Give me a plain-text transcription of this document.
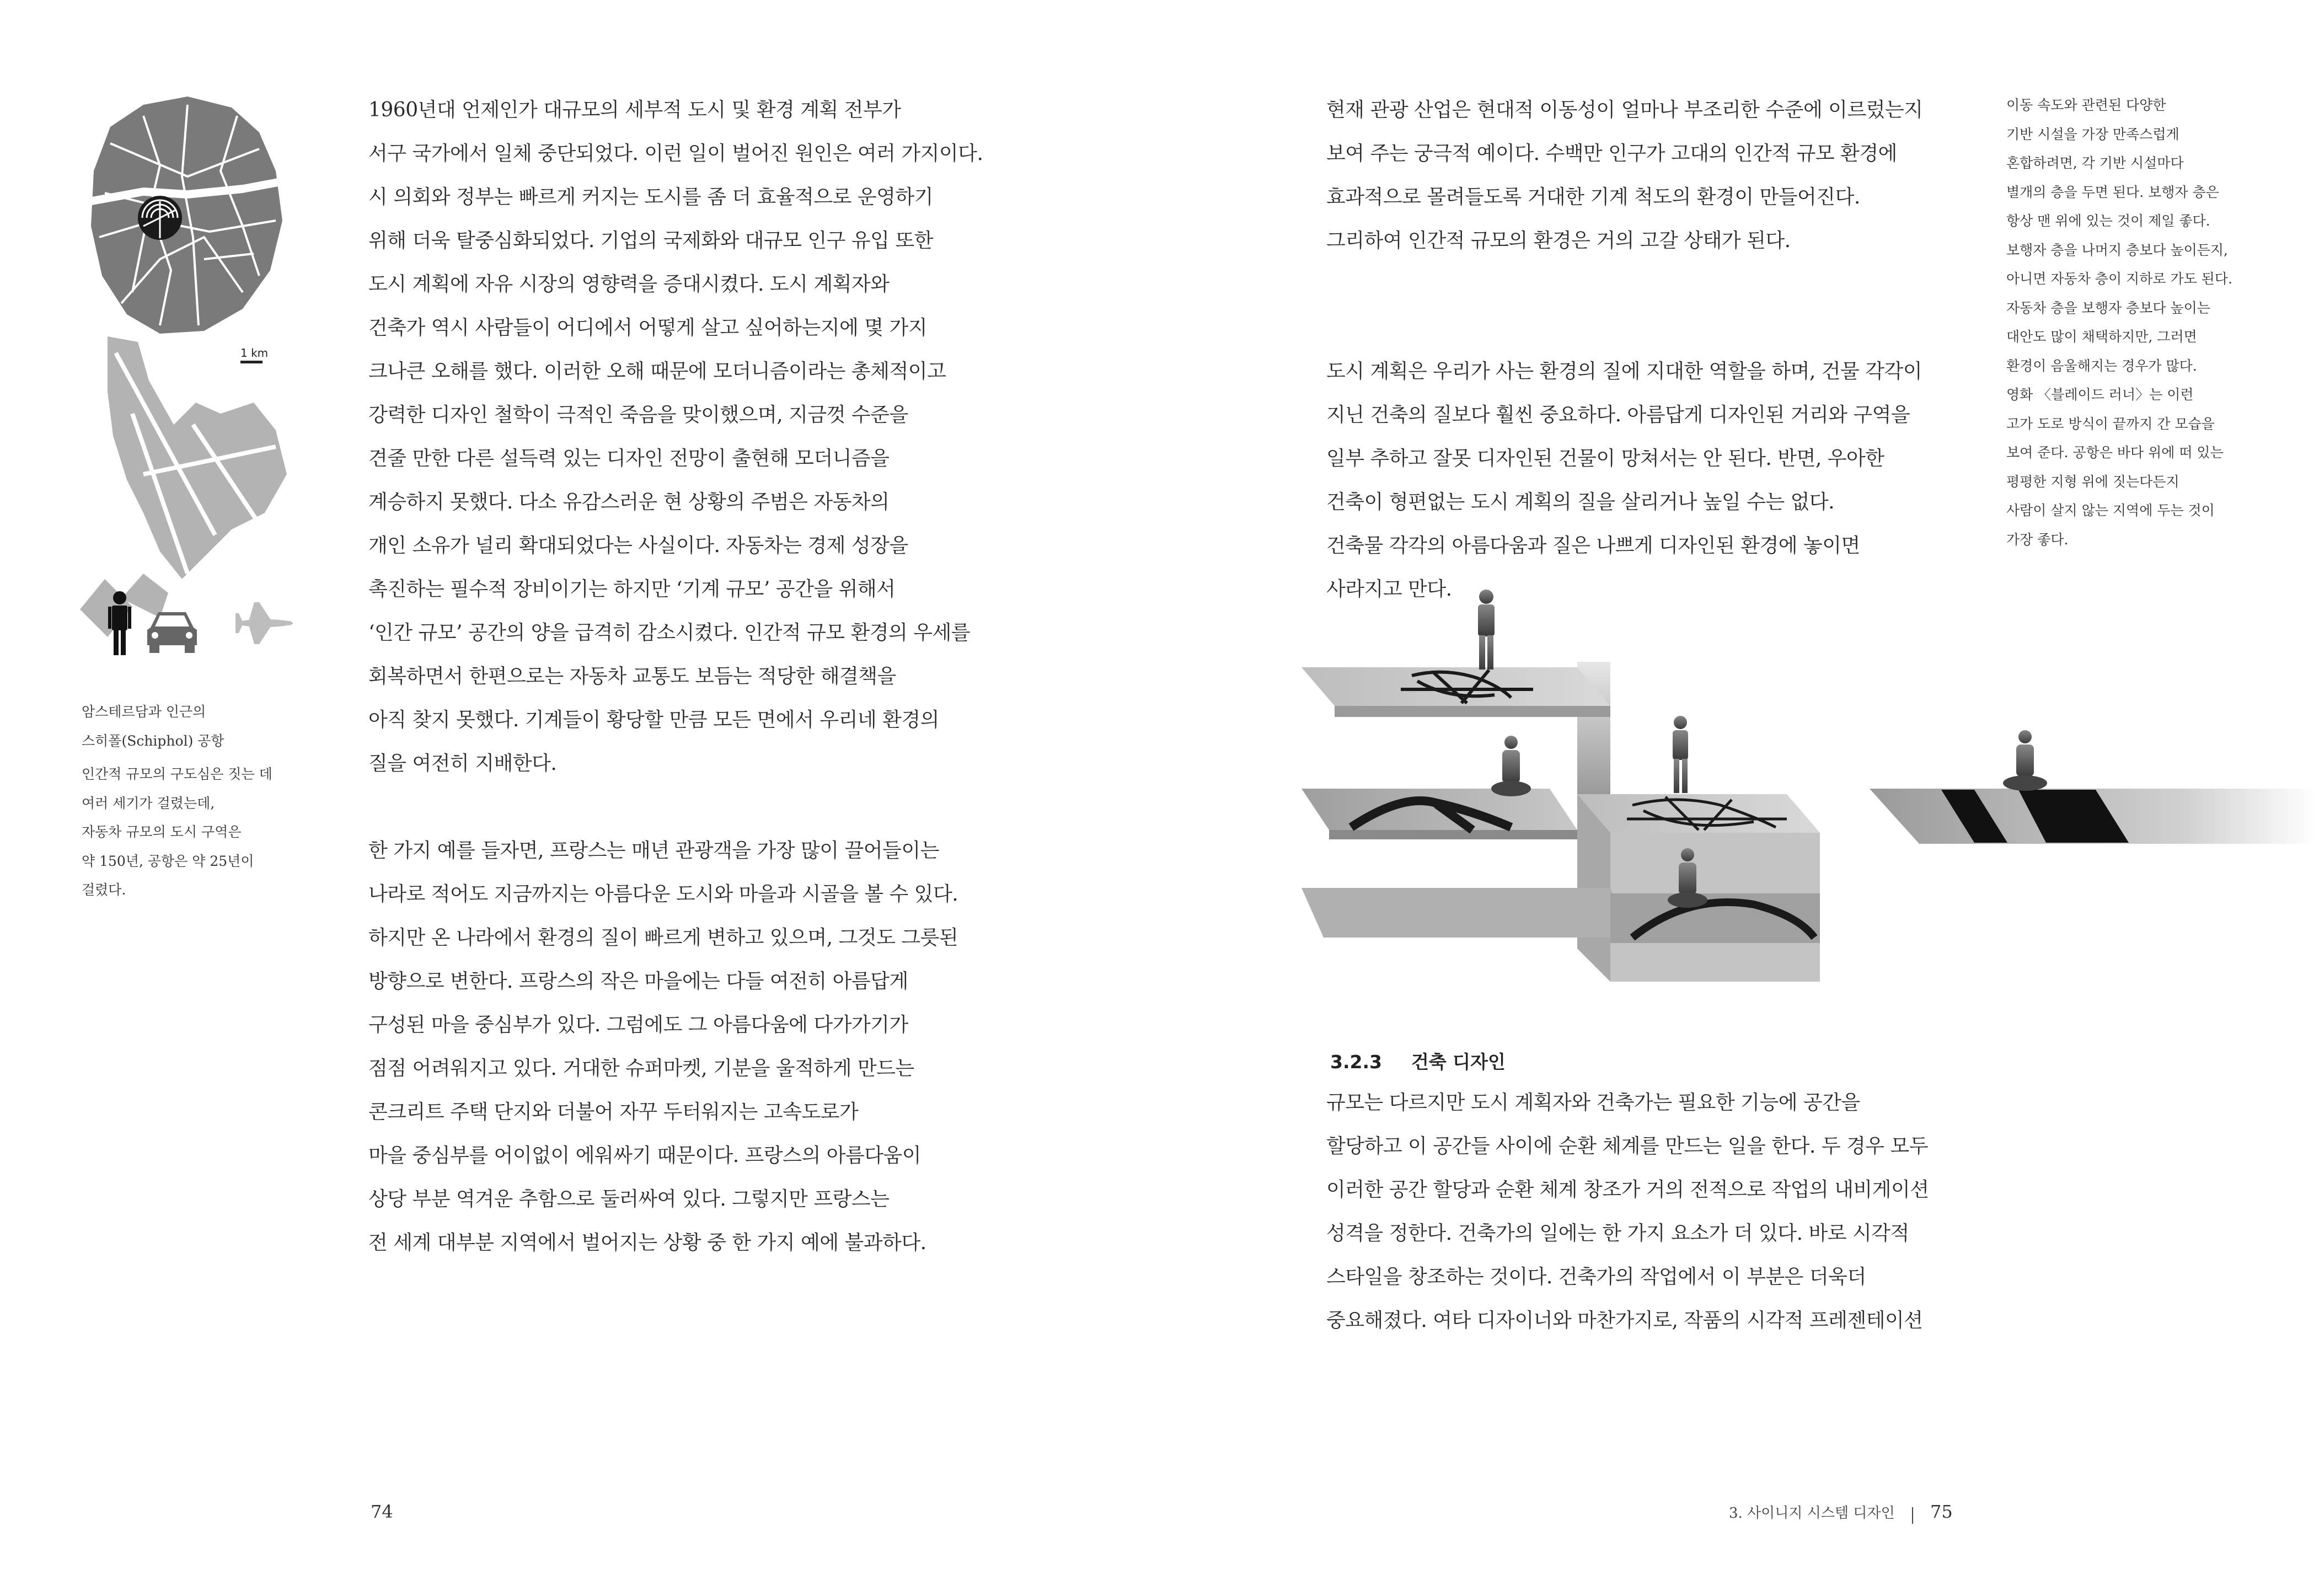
1 km

암스테르담과 인근의

스히폴(Schiphol) 공항

인간적 규모의 구도심은 짓는 데

여러 세기가 걸렸는데,

자동차 규모의 도시 구역은

약 150년, 공항은 약 25년이

걸렸다.

1960년대 언제인가 대규모의 세부적 도시 및 환경 계획 전부가

서구 국가에서 일체 중단되었다. 이런 일이 벌어진 원인은 여러 가지이다.

시 의회와 정부는 빠르게 커지는 도시를 좀 더 효율적으로 운영하기

위해 더욱 탈중심화되었다. 기업의 국제화와 대규모 인구 유입 또한

도시 계획에 자유 시장의 영향력을 증대시켰다. 도시 계획자와

건축가 역시 사람들이 어디에서 어떻게 살고 싶어하는지에 몇 가지

크나큰 오해를 했다. 이러한 오해 때문에 모더니즘이라는 총체적이고

강력한 디자인 철학이 극적인 죽음을 맞이했으며, 지금껏 수준을

견줄 만한 다른 설득력 있는 디자인 전망이 출현해 모더니즘을

계승하지 못했다. 다소 유감스러운 현 상황의 주범은 자동차의

개인 소유가 널리 확대되었다는 사실이다. 자동차는 경제 성장을

촉진하는 필수적 장비이기는 하지만 ‘기계 규모’ 공간을 위해서

‘인간 규모’ 공간의 양을 급격히 감소시켰다. 인간적 규모 환경의 우세를

회복하면서 한편으로는 자동차 교통도 보듬는 적당한 해결책을

아직 찾지 못했다. 기계들이 황당할 만큼 모든 면에서 우리네 환경의

질을 여전히 지배한다.

한 가지 예를 들자면, 프랑스는 매년 관광객을 가장 많이 끌어들이는

나라로 적어도 지금까지는 아름다운 도시와 마을과 시골을 볼 수 있다.

하지만 온 나라에서 환경의 질이 빠르게 변하고 있으며, 그것도 그릇된

방향으로 변한다. 프랑스의 작은 마을에는 다들 여전히 아름답게

구성된 마을 중심부가 있다. 그럼에도 그 아름다움에 다가가기가

점점 어려워지고 있다. 거대한 슈퍼마켓, 기분을 울적하게 만드는

콘크리트 주택 단지와 더불어 자꾸 두터워지는 고속도로가

마을 중심부를 어이없이 에워싸기 때문이다. 프랑스의 아름다움이

상당 부분 역겨운 추함으로 둘러싸여 있다. 그렇지만 프랑스는

전 세계 대부분 지역에서 벌어지는 상황 중 한 가지 예에 불과하다.

74

현재 관광 산업은 현대적 이동성이 얼마나 부조리한 수준에 이르렀는지

보여 주는 궁극적 예이다. 수백만 인구가 고대의 인간적 규모 환경에

효과적으로 몰려들도록 거대한 기계 척도의 환경이 만들어진다.

그리하여 인간적 규모의 환경은 거의 고갈 상태가 된다.

도시 계획은 우리가 사는 환경의 질에 지대한 역할을 하며, 건물 각각이

지닌 건축의 질보다 훨씬 중요하다. 아름답게 디자인된 거리와 구역을

일부 추하고 잘못 디자인된 건물이 망쳐서는 안 된다. 반면, 우아한

건축이 형편없는 도시 계획의 질을 살리거나 높일 수는 없다.

건축물 각각의 아름다움과 질은 나쁘게 디자인된 환경에 놓이면

사라지고 만다.

이동 속도와 관련된 다양한

기반 시설을 가장 만족스럽게

혼합하려면, 각 기반 시설마다

별개의 층을 두면 된다. 보행자 층은

항상 맨 위에 있는 것이 제일 좋다.

보행자 층을 나머지 층보다 높이든지,

아니면 자동차 층이 지하로 가도 된다.

자동차 층을 보행자 층보다 높이는

대안도 많이 채택하지만, 그러면

환경이 음울해지는 경우가 많다.

영화 〈블레이드 러너〉는 이런

고가 도로 방식이 끝까지 간 모습을

보여 준다. 공항은 바다 위에 떠 있는

평평한 지형 위에 짓는다든지

사람이 살지 않는 지역에 두는 것이

가장 좋다.

3.2.3 건축 디자인

규모는 다르지만 도시 계획자와 건축가는 필요한 기능에 공간을

할당하고 이 공간들 사이에 순환 체계를 만드는 일을 한다. 두 경우 모두

이러한 공간 할당과 순환 체계 창조가 거의 전적으로 작업의 내비게이션

성격을 정한다. 건축가의 일에는 한 가지 요소가 더 있다. 바로 시각적

스타일을 창조하는 것이다. 건축가의 작업에서 이 부분은 더욱더

중요해졌다. 여타 디자이너와 마찬가지로, 작품의 시각적 프레젠테이션

3. 사이니지 시스템 디자인 75
